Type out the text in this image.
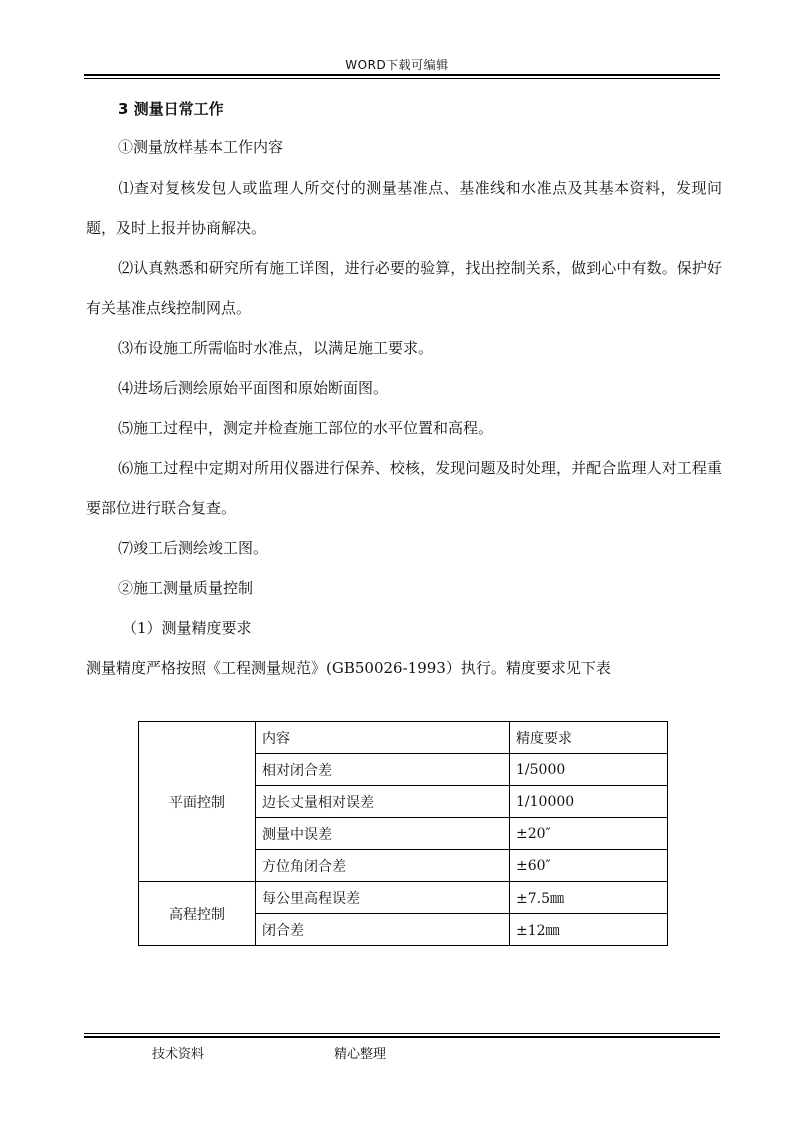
WORD下载可编辑
3 测量日常工作
①测量放样基本工作内容
⑴查对复核发包人或监理人所交付的测量基准点、基准线和水准点及其基本资料，发现问题，及时上报并协商解决。
⑵认真熟悉和研究所有施工详图，进行必要的验算，找出控制关系，做到心中有数。保护好有关基准点线控制网点。
⑶布设施工所需临时水准点，以满足施工要求。
⑷进场后测绘原始平面图和原始断面图。
⑸施工过程中，测定并检查施工部位的水平位置和高程。
⑹施工过程中定期对所用仪器进行保养、校核，发现问题及时处理，并配合监理人对工程重要部位进行联合复查。
⑺竣工后测绘竣工图。
②施工测量质量控制
（1）测量精度要求
测量精度严格按照《工程测量规范》(GB50026-1993）执行。精度要求见下表
平面控制	内容	精度要求
	相对闭合差	1/5000
	边长丈量相对误差	1/10000
	测量中误差	±20″
	方位角闭合差	±60″
高程控制	每公里高程误差	±7.5㎜
	闭合差	±12㎜
技术资料	精心整理
